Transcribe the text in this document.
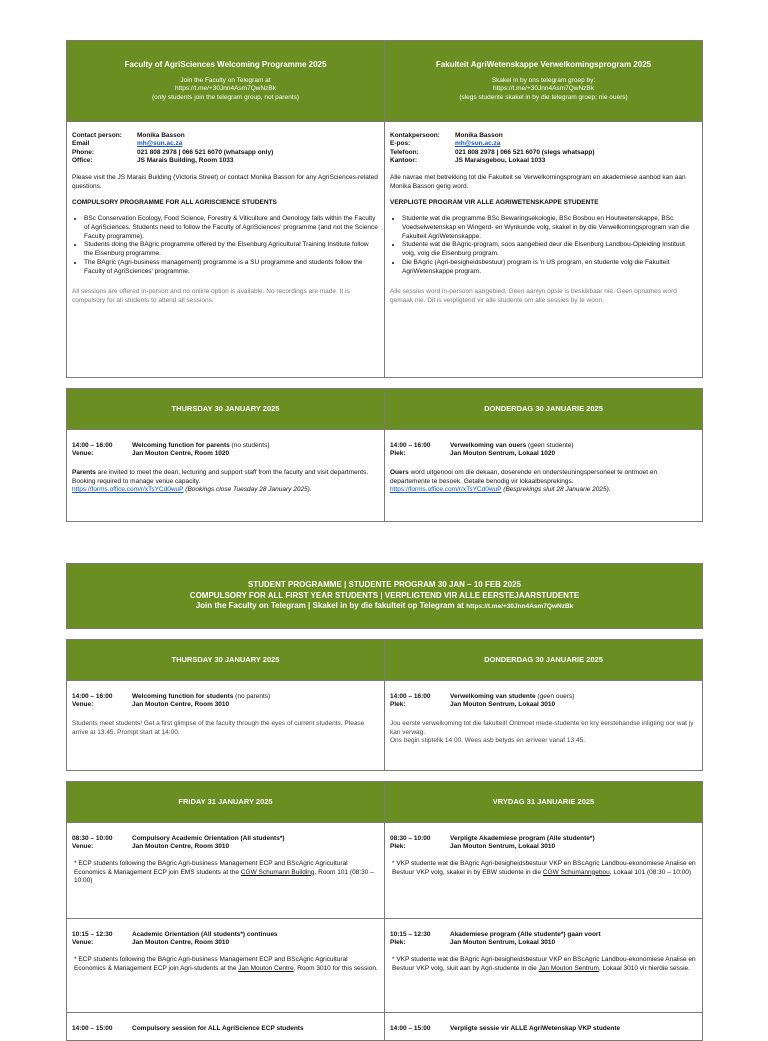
Faculty of AgriSciences Welcoming Programme 2025
Join the Faculty on Telegram at
https://t.me/+30Jnn4Asm7QwNzBk
(only students join the telegram group, not parents)
Fakulteit AgriWetenskappe Verwelkomingsprogram 2025
Skakel in by ons telegram groep by:
https://t.me/+30Jnn4Asm7QwNzBk
(slegs studente skakel in by die telegram groep; nie ouers)
Contact person:	Monika Basson
Email	mh@sun.ac.za
Phone:	021 808 2978 | 066 521 6070 (whatsapp only)
Office:	JS Marais Building, Room 1033

Please visit the JS Marais Building (Victoria Street) or contact Monika Basson for any AgriSciences-related questions.

COMPULSORY PROGRAMME FOR ALL AGRISCIENCE STUDENTS

• BSc Conservation Ecology, Food Science, Forestry & Viticulture and Oenology falls within the Faculty of AgriSciences. Students need to follow the Faculty of AgriSciences' programme (and not the Science Faculty programme).
• Students doing the BAgric programme offered by the Elsenburg Agricultural Training Institute follow the Elsenburg programme.
• The BAgric (Agri-business management) programme is a SU programme and students follow the Faculty of AgriSciences' programme.

All sessions are offered in-person and no online option is available. No recordings are made. It is compulsory for all students to attend all sessions.

Kontakpersoon:	Monika Basson
E-pos:	mh@sun.ac.za
Telefoon:	021 808 2978 | 066 521 6070 (slegs whatsapp)
Kantoor:	JS Maraisgebou, Lokaal 1033

Alle navrae met betrekking tot die Fakulteit se Verwelkomingsprogram en akademiese aanbod kan aan Monika Basson gerig word.

VERPLIGTE PROGRAM VIR ALLE AGRIWETENSKAPPE STUDENTE

• Studente wat die programme BSc Bewaringsekologie, BSc Bosbou en Houtwetenskappe, BSc Voedselwetenskap en Wingerd- en Wynkunde volg, skakel in by die Verwelkomingsprogram van die Fakulteit AgriWetenskappe.
• Studente wat die BAgric-program, soos aangebied deur die Elsenburg Landbou-Opleiding Instituut volg, volg die Elsenburg program.
• Die BAgric (Agri-besigheidsbestuur) program is 'n US program, en studente volg die Fakulteit AgriWetenskappe program.

Alle sessies word in-persoon aangebied. Geen aanlyn opsie is beskikbaar nie. Geen opnames word gemaak nie. Dit is verpligtend vir alle studente om alle sessies by te woon.

THURSDAY 30 JANUARY 2025	DONDERDAG 30 JANUARIE 2025
14:00 – 16:00	Welcoming function for parents (no students)
Venue:	Jan Mouton Centre, Room 1020

Parents are invited to meet the dean, lecturing and support staff from the faculty and visit departments. Booking required to manage venue capacity.
https://forms.office.com/r/xTsYCd0wuP (Bookings close Tuesday 28 January 2025).

14:00 – 16:00	Verwelkoming van ouers (geen studente)
Plek:	Jan Mouton Sentrum, Lokaal 1020

Ouers word uitgenooi om die dekaan, doserende en ondersteuningspersoneel te ontmoet en departemente te besoek. Getalle benodig vir lokaalbesprekings.
https://forms.office.com/r/xTsYCd0wuP (Besprekings sluit 28 Januarie 2025).

STUDENT PROGRAMME | STUDENTE PROGRAM 30 JAN – 10 FEB 2025
COMPULSORY FOR ALL FIRST YEAR STUDENTS | VERPLIGTEND VIR ALLE EERSTEJAARSTUDENTE
Join the Faculty on Telegram | Skakel in by die fakulteit op Telegram at https://t.me/+30Jnn4Asm7QwNzBk
THURSDAY 30 JANUARY 2025	DONDERDAG 30 JANUARIE 2025
14:00 – 16:00	Welcoming function for students (no parents)
Venue:	Jan Mouton Centre, Room 3010

Students meet students! Get a first glimpse of the faculty through the eyes of current students. Please arrive at 13:45. Prompt start at 14:00.

14:00 – 16:00	Verwelkoming van studente (geen ouers)
Plek:	Jan Mouton Sentrum, Lokaal 3010

Jou eerste verwelkoming tot die fakulteit! Ontmoet mede-studente en kry eerstehandse inligting oor wat jy kan verwag.
Ons begin stiptelik 14:00. Wees asb betyds en arriveer vanaf 13:45.

FRIDAY 31 JANUARY 2025	VRYDAG 31 JANUARIE 2025
08:30 – 10:00	Compulsory Academic Orientation (All students*)
Venue:	Jan Mouton Centre, Room 3010

* ECP students following the BAgric Agri-business Management ECP and BScAgric Agricultural Economics & Management ECP join EMS students at the CGW Schumann Building, Room 101 (08:30 – 10:00)

08:30 – 10:00	Verpligte Akademiese program (Alle studente*)
Plek:	Jan Mouton Sentrum, Lokaal 3010

* VKP studente wat die BAgric Agri-besigheidsbestuur VKP en BScAgric Landbou-ekonomiese Analise en Bestuur VKP volg, skakel in by EBW studente in die CGW Schumanngebou, Lokaal 101 (08:30 – 10:00)

10:15 – 12:30	Academic Orientation (All students*) continues
Venue:	Jan Mouton Centre, Room 3010

* ECP students following the BAgric Agri-business Management ECP and BScAgric Agricultural Economics & Management ECP join Agri-students at the Jan Mouton Centre, Room 3010 for this session.

10:15 – 12:30	Akademiese program (Alle studente*) gaan voort
Plek:	Jan Mouton Sentrum, Lokaal 3010

* VKP studente wat die BAgric Agri-besigheidsbestuur VKP en BScAgric Landbou-ekonomiese Analise en Bestuur VKP volg, sluit aan by Agri-studente in die Jan Mouton Sentrum, Lokaal 3010 vir hierdie sessie.

14:00 – 15:00	Compulsory session for ALL AgriScience ECP students	14:00 – 15:00	Verpligte sessie vir ALLE AgriWetenskap VKP studente
